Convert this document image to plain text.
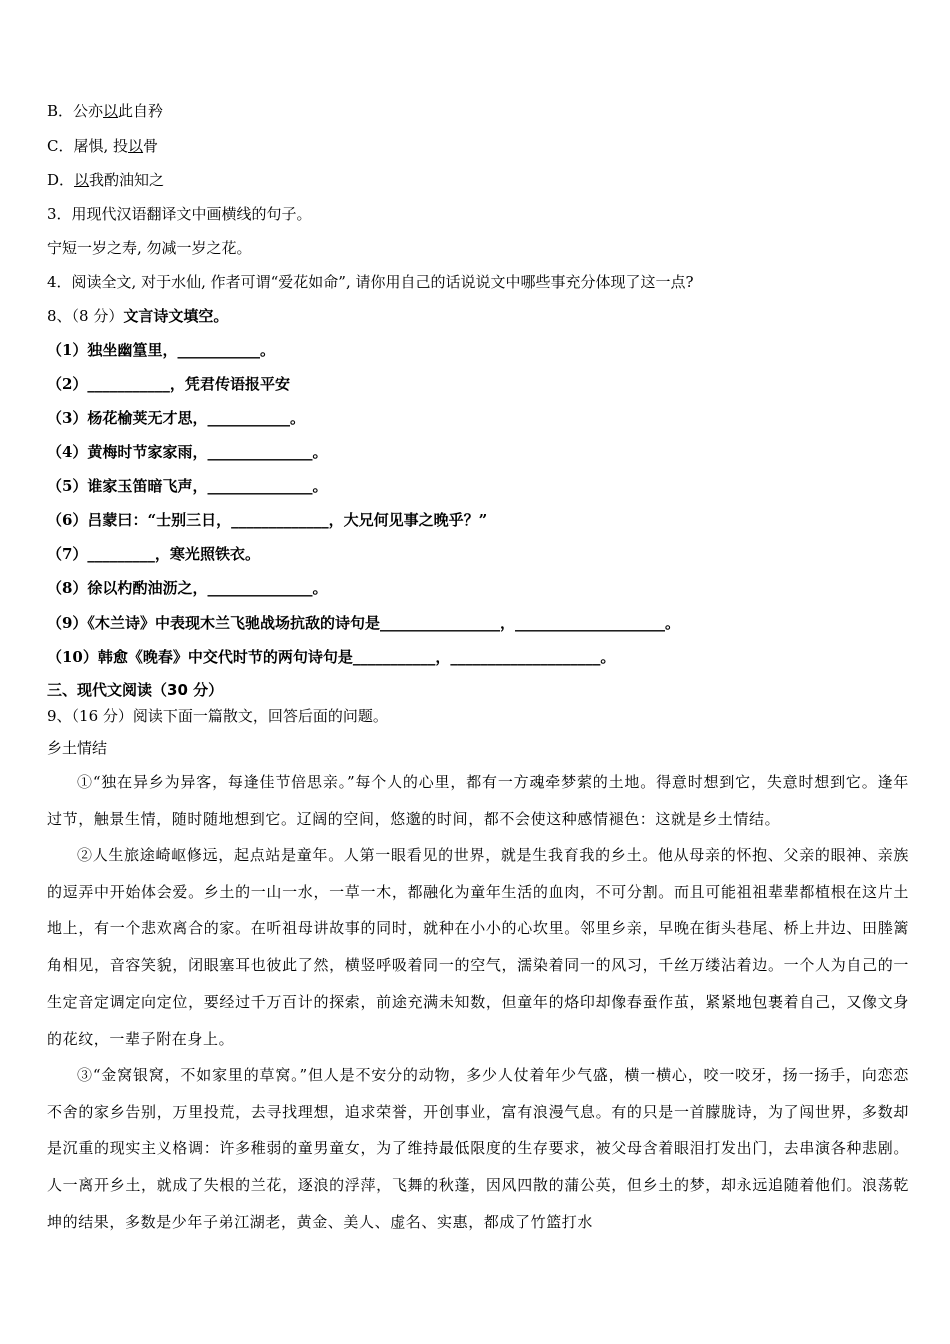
B．公亦以此自矜
C．屠惧, 投以骨
D．以我酌油知之
3．用现代汉语翻译文中画横线的句子。
宁短一岁之寿, 勿减一岁之花。
4．阅读全文, 对于水仙, 作者可谓“爱花如命”, 请你用自己的话说说文中哪些事充分体现了这一点?
8、（8 分）文言诗文填空。
（1）独坐幽篁里，___________。
（2）___________，凭君传语报平安
（3）杨花榆荚无才思，___________。
（4）黄梅时节家家雨，______________。
（5）谁家玉笛暗飞声，______________。
（6）吕蒙曰：“士别三日，_____________，大兄何见事之晚乎？”
（7）_________，寒光照铁衣。
（8）徐以杓酌油沥之，______________。
（9）《木兰诗》中表现木兰飞驰战场抗敌的诗句是________________，____________________。
（10）韩愈《晚春》中交代时节的两句诗句是___________，____________________。
三、现代文阅读（30 分）
9、（16 分）阅读下面一篇散文，回答后面的问题。
乡土情结
①“独在异乡为异客，每逢佳节倍思亲。”每个人的心里，都有一方魂牵梦萦的土地。得意时想到它，失意时想到它。逢年过节，触景生情，随时随地想到它。辽阔的空间，悠邈的时间，都不会使这种感情褪色：这就是乡土情结。
②人生旅途崎岖修远，起点站是童年。人第一眼看见的世界，就是生我育我的乡土。他从母亲的怀抱、父亲的眼神、亲族的逗弄中开始体会爱。乡土的一山一水，一草一木，都融化为童年生活的血肉，不可分割。而且可能祖祖辈辈都植根在这片土地上，有一个悲欢离合的家。在听祖母讲故事的同时，就种在小小的心坎里。邻里乡亲，早晚在街头巷尾、桥上井边、田塍篱角相见，音容笑貌，闭眼塞耳也彼此了然，横竖呼吸着同一的空气，濡染着同一的风习，千丝万缕沾着边。一个人为自己的一生定音定调定向定位，要经过千万百计的探索，前途充满未知数，但童年的烙印却像春蚕作茧，紧紧地包裹着自己，又像文身的花纹，一辈子附在身上。
③“金窝银窝，不如家里的草窝。”但人是不安分的动物，多少人仗着年少气盛，横一横心，咬一咬牙，扬一扬手，向恋恋不舍的家乡告别，万里投荒，去寻找理想，追求荣誉，开创事业，富有浪漫气息。有的只是一首朦胧诗，为了闯世界，多数却是沉重的现实主义格调：许多稚弱的童男童女，为了维持最低限度的生存要求，被父母含着眼泪打发出门，去串演各种悲剧。人一离开乡土，就成了失根的兰花，逐浪的浮萍，飞舞的秋蓬，因风四散的蒲公英，但乡土的梦，却永远追随着他们。浪荡乾坤的结果，多数是少年子弟江湖老，黄金、美人、虚名、实惠，都成了竹篮打水
